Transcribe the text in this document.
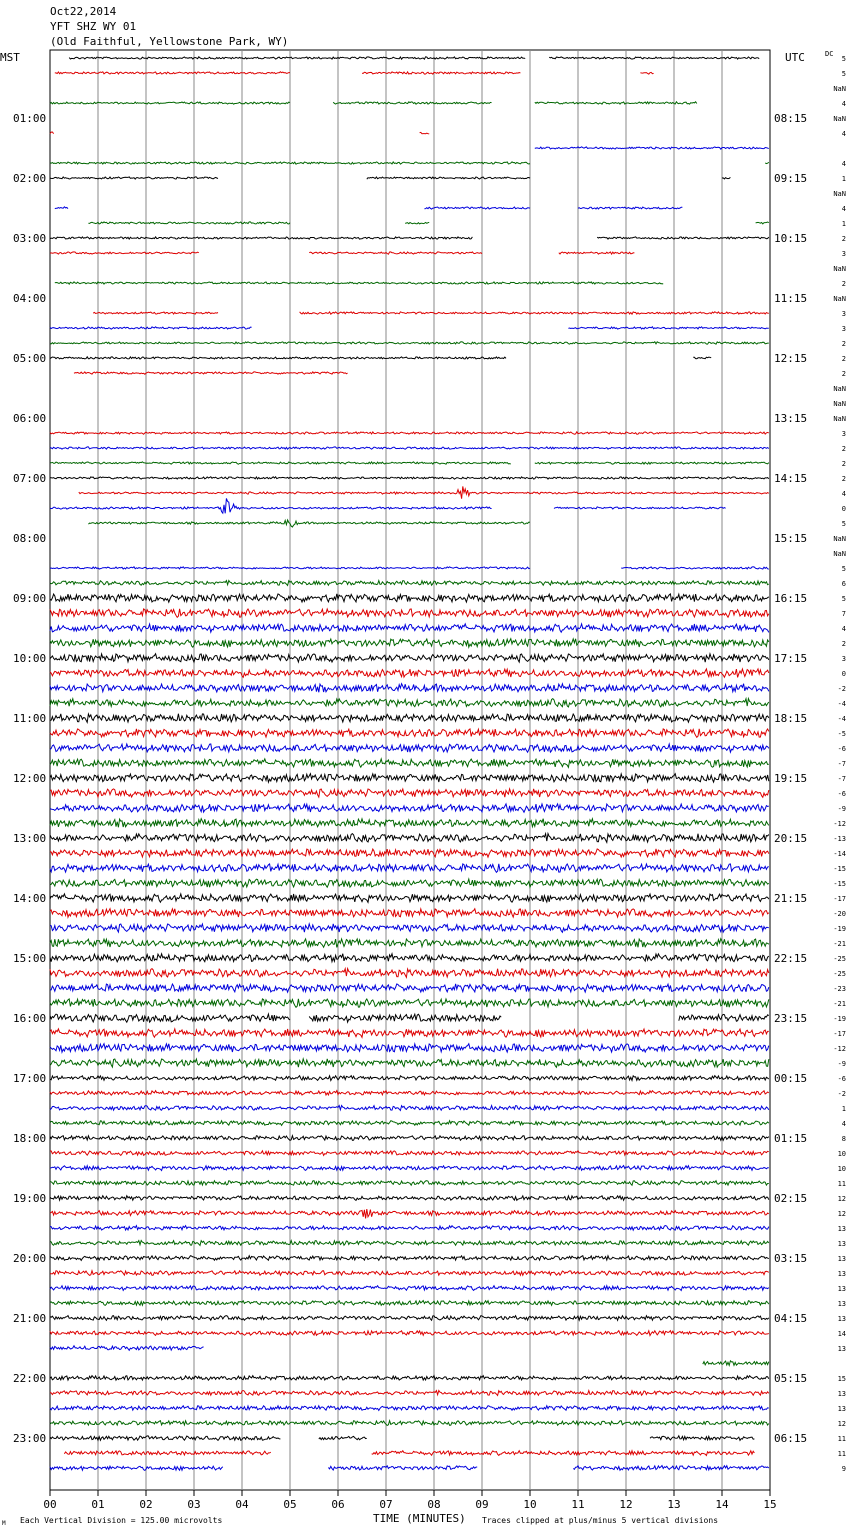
Oct22,2014
YFT SHZ WY 01
(Old Faithful, Yellowstone Park, WY)
00	01	02	03	04	05	06	07	08	09	10	11	12	13	14	15
01:00	08:15
02:00	09:15
03:00	10:15
04:00	11:15
05:00	12:15
06:00	13:15
07:00	14:15
08:00	15:15
09:00	16:15
10:00	17:15
11:00	18:15
12:00	19:15
13:00	20:15
14:00	21:15
15:00	22:15
16:00	23:15
17:00	00:15
18:00	01:15
19:00	02:15
20:00	03:15
21:00	04:15
22:00	05:15
23:00	06:15
5
5
NaN
4
NaN
4
4
1
NaN
4
1
2
3
NaN
2
NaN
3
3
2
2
2
NaN
NaN
NaN
3
2
2
2
4
0
5
NaN
NaN
5
6
5
7
4
2
3
0
-2
-4
-4
-5
-6
-7
-7
-6
-9
-12
-13
-14
-15
-15
-17
-20
-19
-21
-25
-25
-23
-21
-19
-17
-12
-9
-6
-2
1
4
8
10
10
11
12
12
13
13
13
13
13
13
13
14
13
15
13
13
12
11
11
9
MST	UTC	DC
TIME (MINUTES)
Each Vertical Division = 125.00 microvolts	Traces clipped at plus/minus 5 vertical divisions
M
